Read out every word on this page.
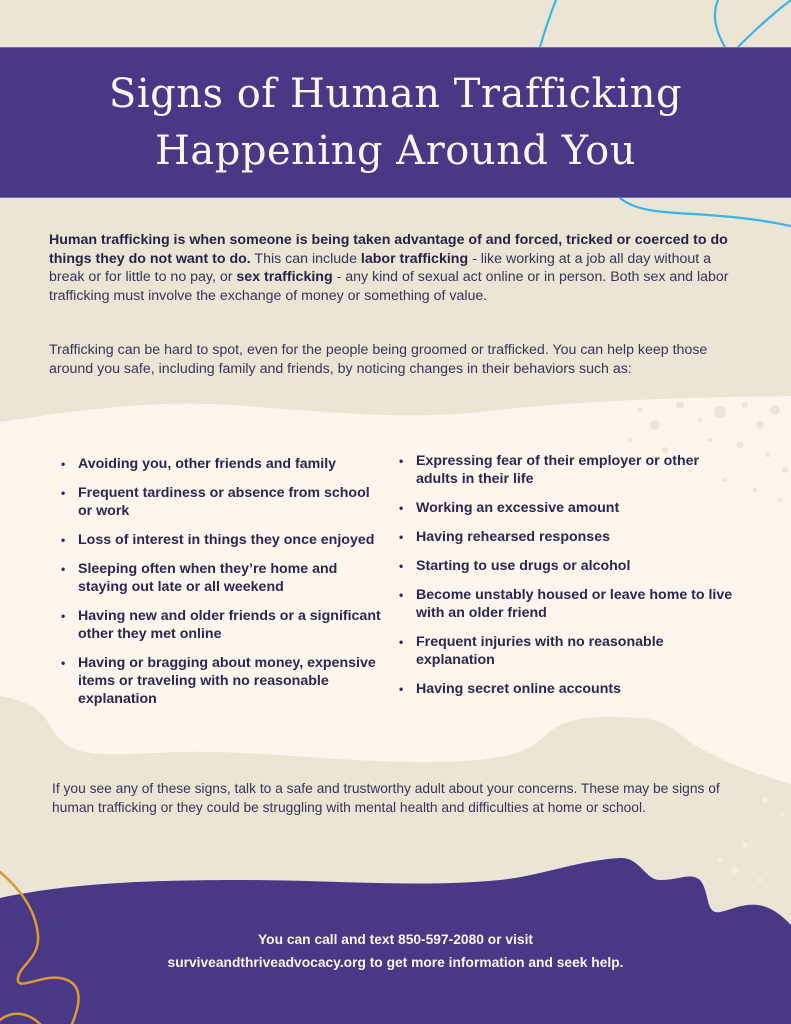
Signs of Human Trafficking
Happening Around You

Human trafficking is when someone is being taken advantage of and forced, tricked or coerced to do things they do not want to do. This can include labor trafficking - like working at a job all day without a break or for little to no pay, or sex trafficking - any kind of sexual act online or in person. Both sex and labor trafficking must involve the exchange of money or something of value.

Trafficking can be hard to spot, even for the people being groomed or trafficked. You can help keep those around you safe, including family and friends, by noticing changes in their behaviors such as:

• Avoiding you, other friends and family
• Frequent tardiness or absence from school or work
• Loss of interest in things they once enjoyed
• Sleeping often when they’re home and staying out late or all weekend
• Having new and older friends or a significant other they met online
• Having or bragging about money, expensive items or traveling with no reasonable explanation
• Expressing fear of their employer or other adults in their life
• Working an excessive amount
• Having rehearsed responses
• Starting to use drugs or alcohol
• Become unstably housed or leave home to live with an older friend
• Frequent injuries with no reasonable explanation
• Having secret online accounts

If you see any of these signs, talk to a safe and trustworthy adult about your concerns. These may be signs of human trafficking or they could be struggling with mental health and difficulties at home or school.

You can call and text 850-597-2080 or visit
surviveandthriveadvocacy.org to get more information and seek help.
